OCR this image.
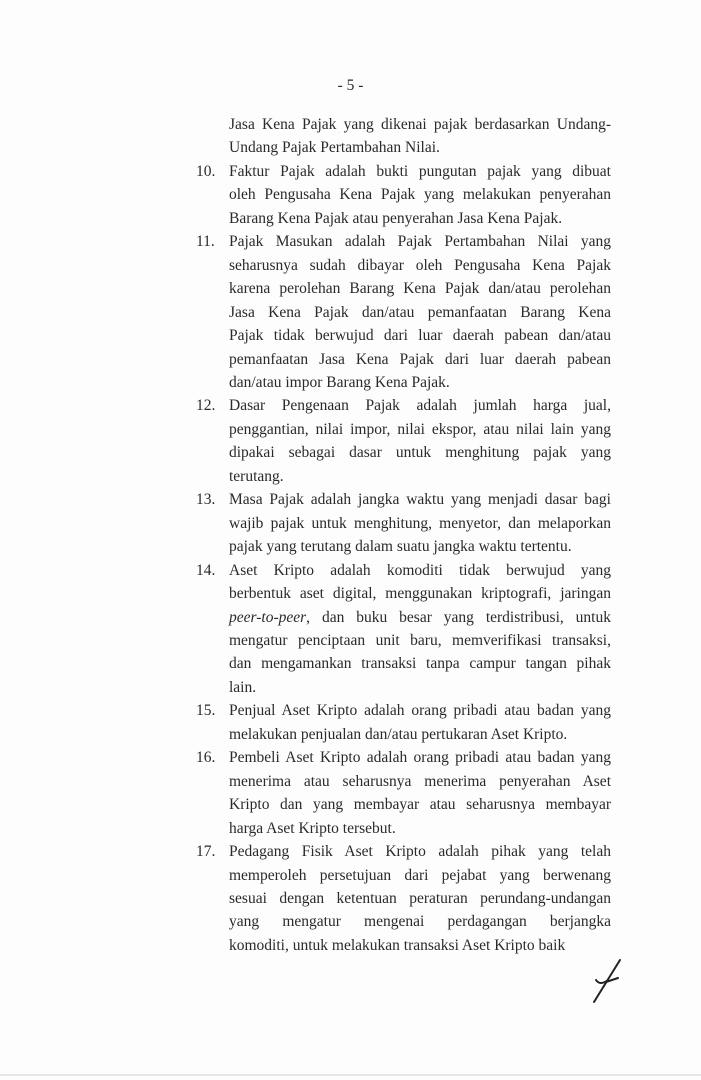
- 5 -
Jasa Kena Pajak yang dikenai pajak berdasarkan Undang-
Undang Pajak Pertambahan Nilai.
10. Faktur Pajak adalah bukti pungutan pajak yang dibuat
oleh Pengusaha Kena Pajak yang melakukan penyerahan
Barang Kena Pajak atau penyerahan Jasa Kena Pajak.
11. Pajak Masukan adalah Pajak Pertambahan Nilai yang
seharusnya sudah dibayar oleh Pengusaha Kena Pajak
karena perolehan Barang Kena Pajak dan/atau perolehan
Jasa Kena Pajak dan/atau pemanfaatan Barang Kena
Pajak tidak berwujud dari luar daerah pabean dan/atau
pemanfaatan Jasa Kena Pajak dari luar daerah pabean
dan/atau impor Barang Kena Pajak.
12. Dasar Pengenaan Pajak adalah jumlah harga jual,
penggantian, nilai impor, nilai ekspor, atau nilai lain yang
dipakai sebagai dasar untuk menghitung pajak yang
terutang.
13. Masa Pajak adalah jangka waktu yang menjadi dasar bagi
wajib pajak untuk menghitung, menyetor, dan melaporkan
pajak yang terutang dalam suatu jangka waktu tertentu.
14. Aset Kripto adalah komoditi tidak berwujud yang
berbentuk aset digital, menggunakan kriptografi, jaringan
peer-to-peer, dan buku besar yang terdistribusi, untuk
mengatur penciptaan unit baru, memverifikasi transaksi,
dan mengamankan transaksi tanpa campur tangan pihak
lain.
15. Penjual Aset Kripto adalah orang pribadi atau badan yang
melakukan penjualan dan/atau pertukaran Aset Kripto.
16. Pembeli Aset Kripto adalah orang pribadi atau badan yang
menerima atau seharusnya menerima penyerahan Aset
Kripto dan yang membayar atau seharusnya membayar
harga Aset Kripto tersebut.
17. Pedagang Fisik Aset Kripto adalah pihak yang telah
memperoleh persetujuan dari pejabat yang berwenang
sesuai dengan ketentuan peraturan perundang-undangan
yang mengatur mengenai perdagangan berjangka
komoditi, untuk melakukan transaksi Aset Kripto baik
